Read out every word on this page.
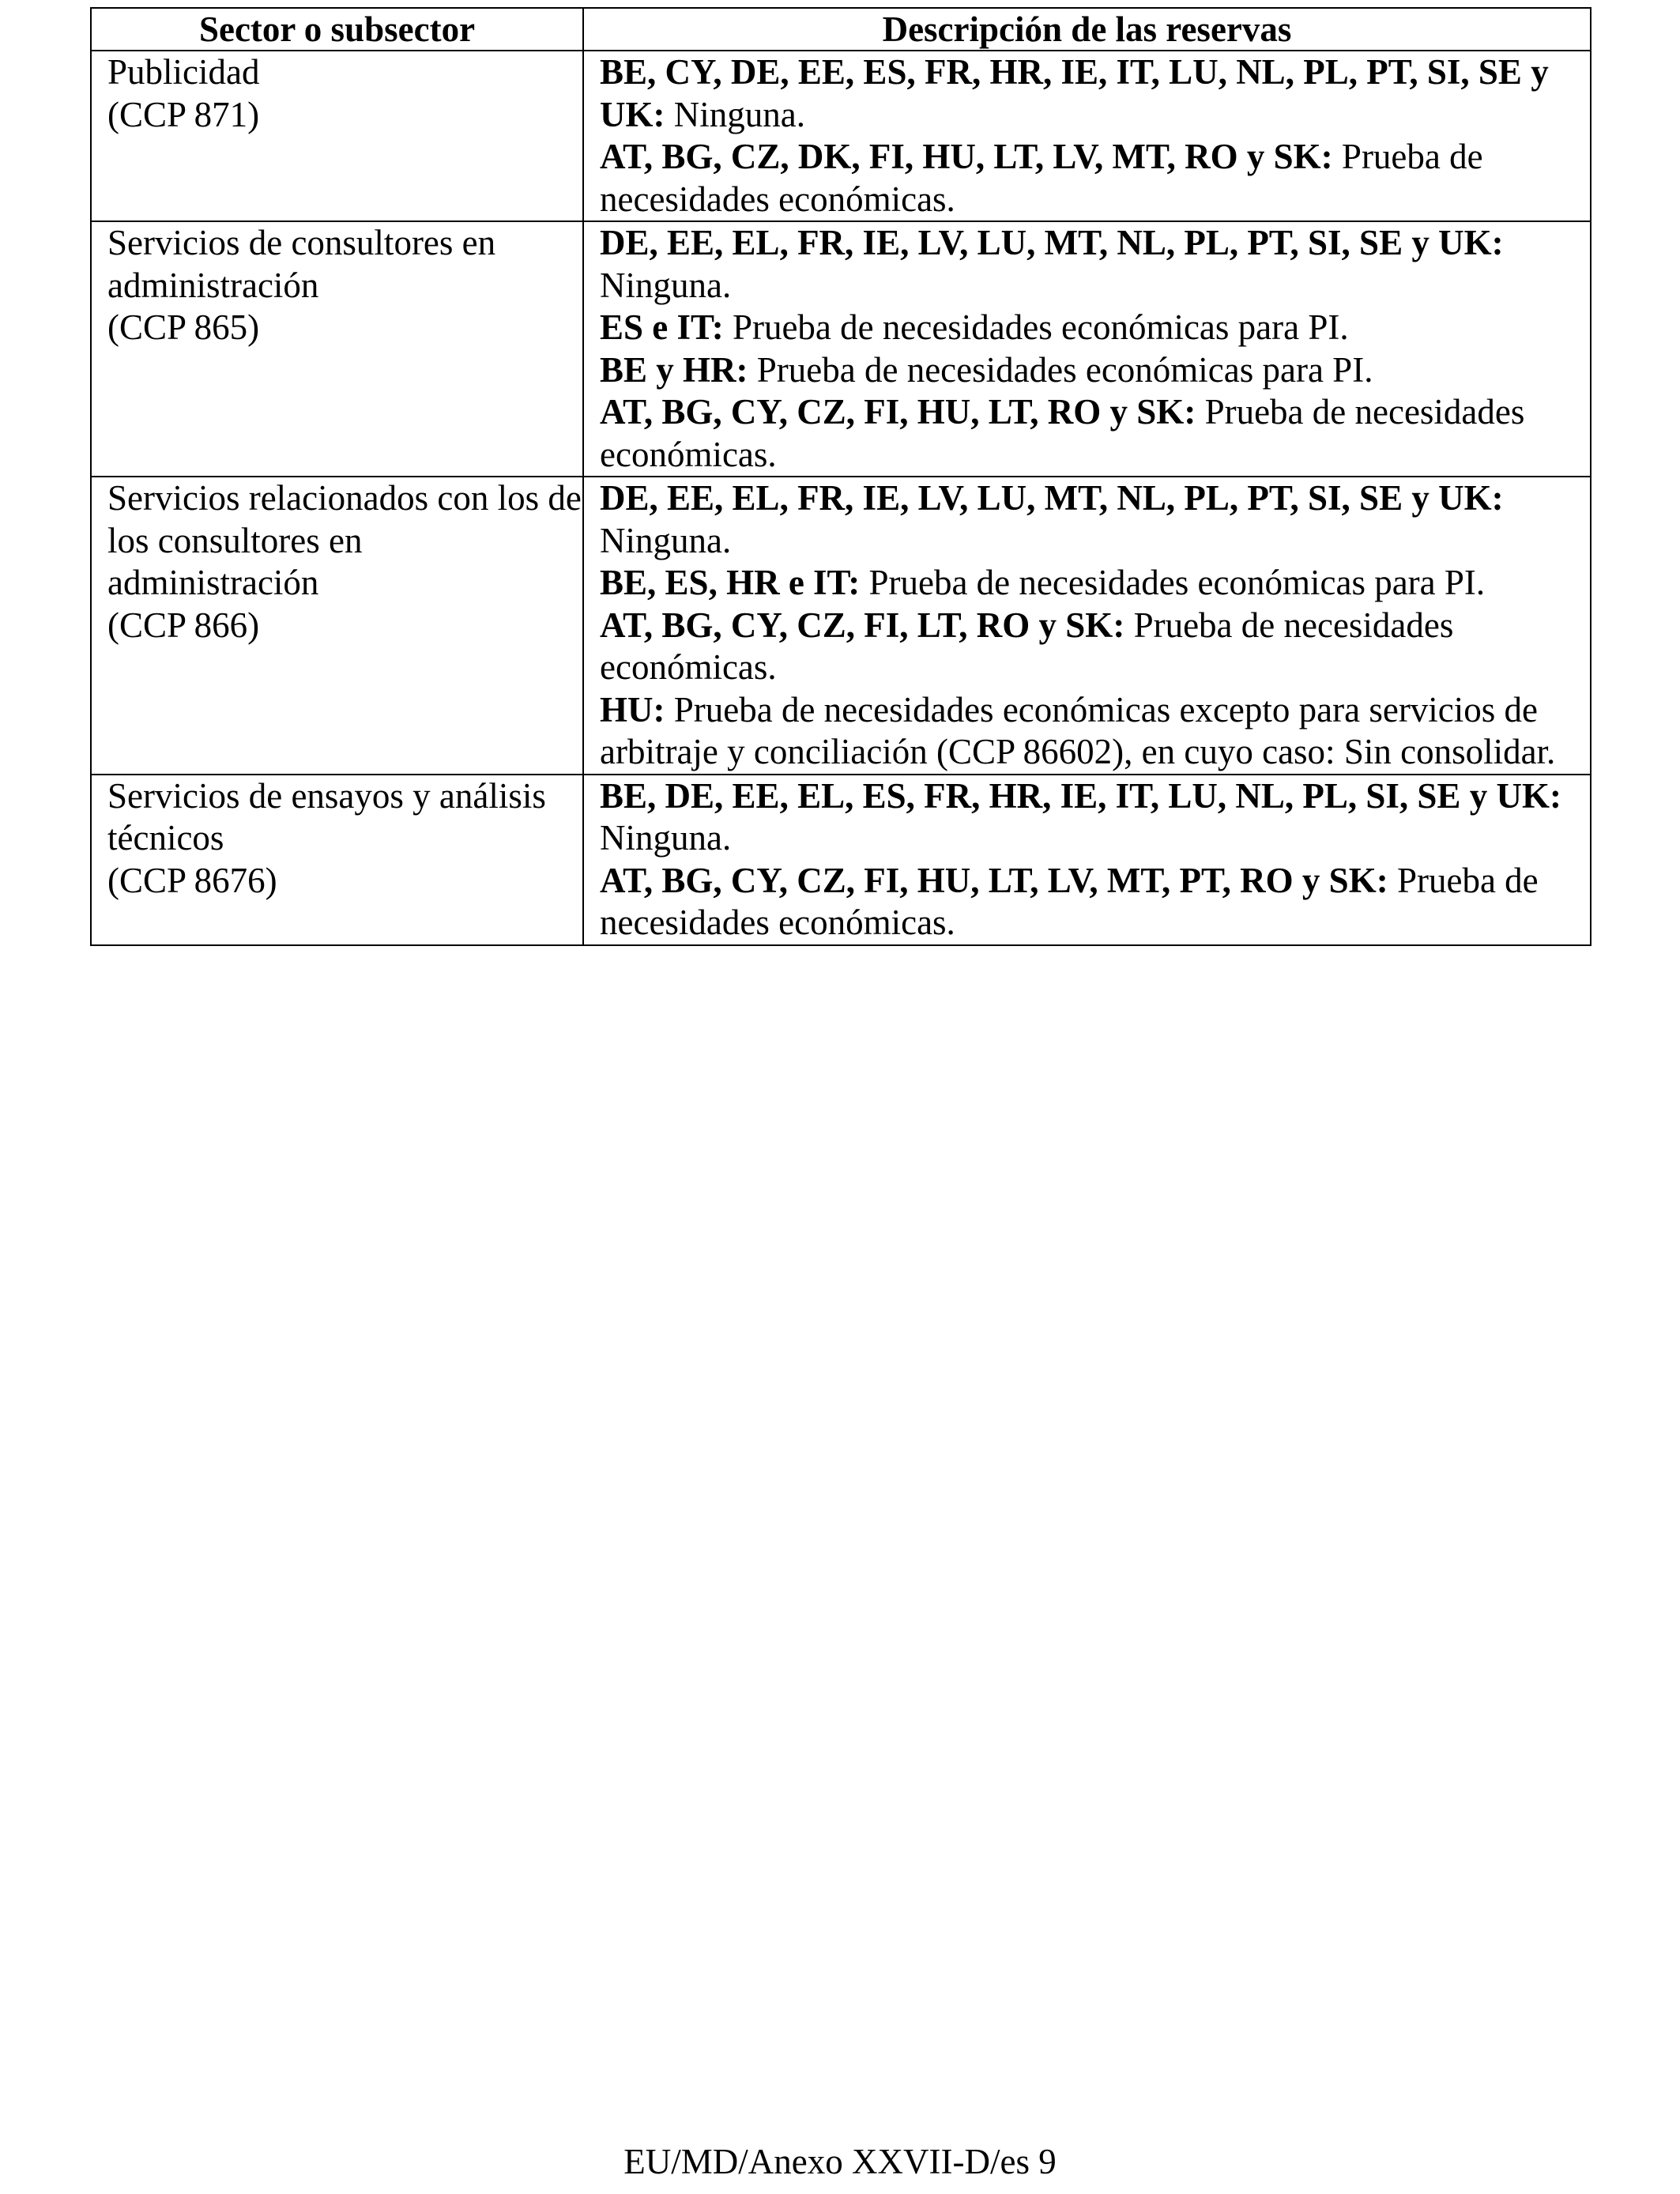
Sector o subsector	Descripción de las reservas

Publicidad
(CCP 871)	BE, CY, DE, EE, ES, FR, HR, IE, IT, LU, NL, PL, PT, SI, SE y UK: Ninguna.
AT, BG, CZ, DK, FI, HU, LT, LV, MT, RO y SK: Prueba de necesidades económicas.

Servicios de consultores en administración
(CCP 865)	DE, EE, EL, FR, IE, LV, LU, MT, NL, PL, PT, SI, SE y UK: Ninguna.
ES e IT: Prueba de necesidades económicas para PI.
BE y HR: Prueba de necesidades económicas para PI.
AT, BG, CY, CZ, FI, HU, LT, RO y SK: Prueba de necesidades económicas.

Servicios relacionados con los de los consultores en administración
(CCP 866)	DE, EE, EL, FR, IE, LV, LU, MT, NL, PL, PT, SI, SE y UK: Ninguna.
BE, ES, HR e IT: Prueba de necesidades económicas para PI.
AT, BG, CY, CZ, FI, LT, RO y SK: Prueba de necesidades económicas.
HU: Prueba de necesidades económicas excepto para servicios de arbitraje y conciliación (CCP 86602), en cuyo caso: Sin consolidar.

Servicios de ensayos y análisis técnicos
(CCP 8676)	BE, DE, EE, EL, ES, FR, HR, IE, IT, LU, NL, PL, SI, SE y UK: Ninguna.
AT, BG, CY, CZ, FI, HU, LT, LV, MT, PT, RO y SK: Prueba de necesidades económicas.
EU/MD/Anexo XXVII-D/es 9
